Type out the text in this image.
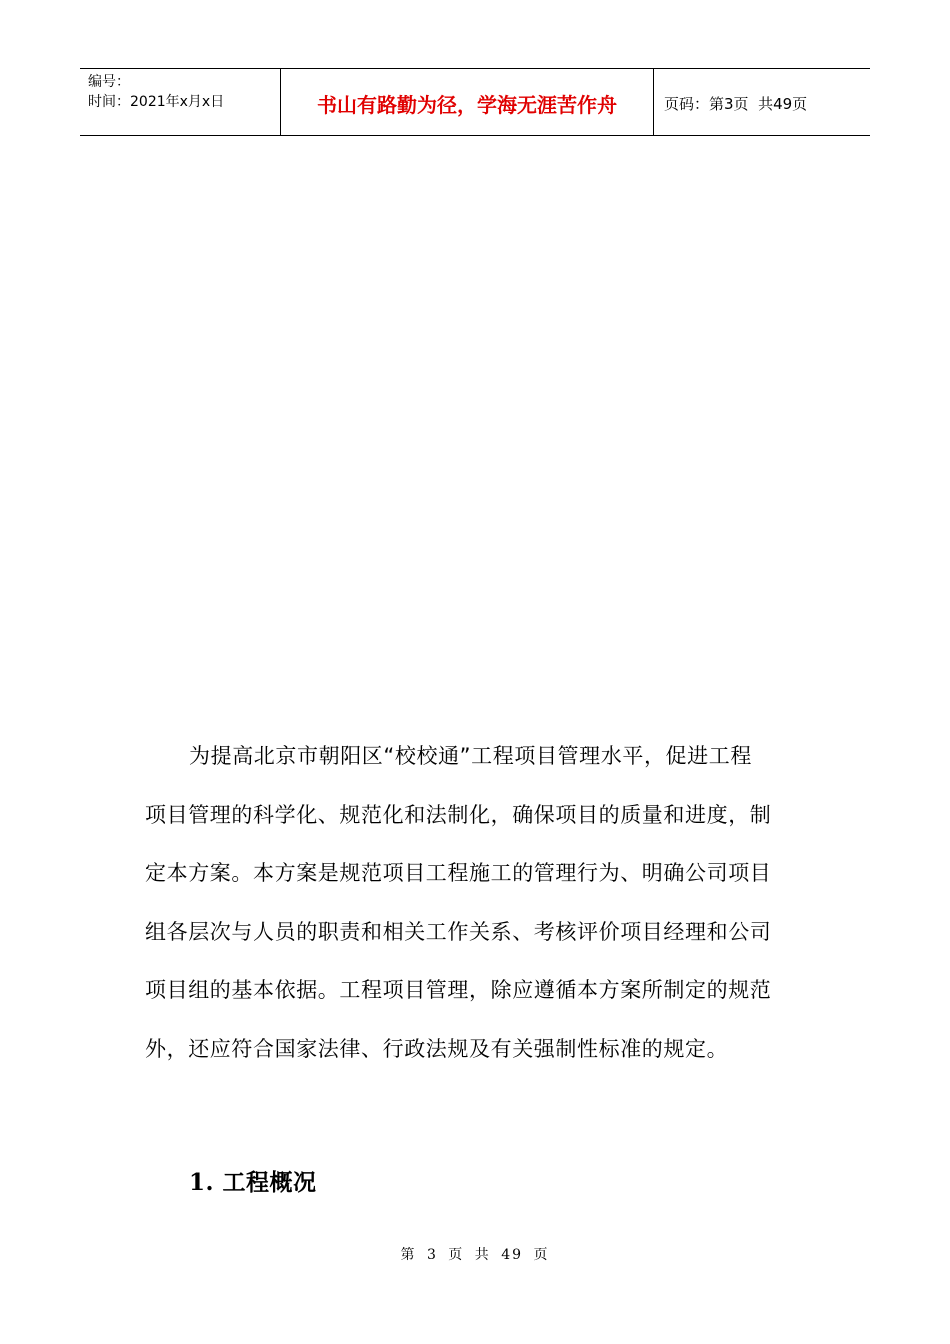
编号：
时间：2021年x月x日	书山有路勤为径，学海无涯苦作舟	页码：第3页  共49页
为提高北京市朝阳区“校校通”工程项目管理水平，促进工程
项目管理的科学化、规范化和法制化，确保项目的质量和进度，制
定本方案。本方案是规范项目工程施工的管理行为、明确公司项目
组各层次与人员的职责和相关工作关系、考核评价项目经理和公司
项目组的基本依据。工程项目管理，除应遵循本方案所制定的规范
外，还应符合国家法律、行政法规及有关强制性标准的规定。
1. 工程概况
第 3 页 共 49 页
